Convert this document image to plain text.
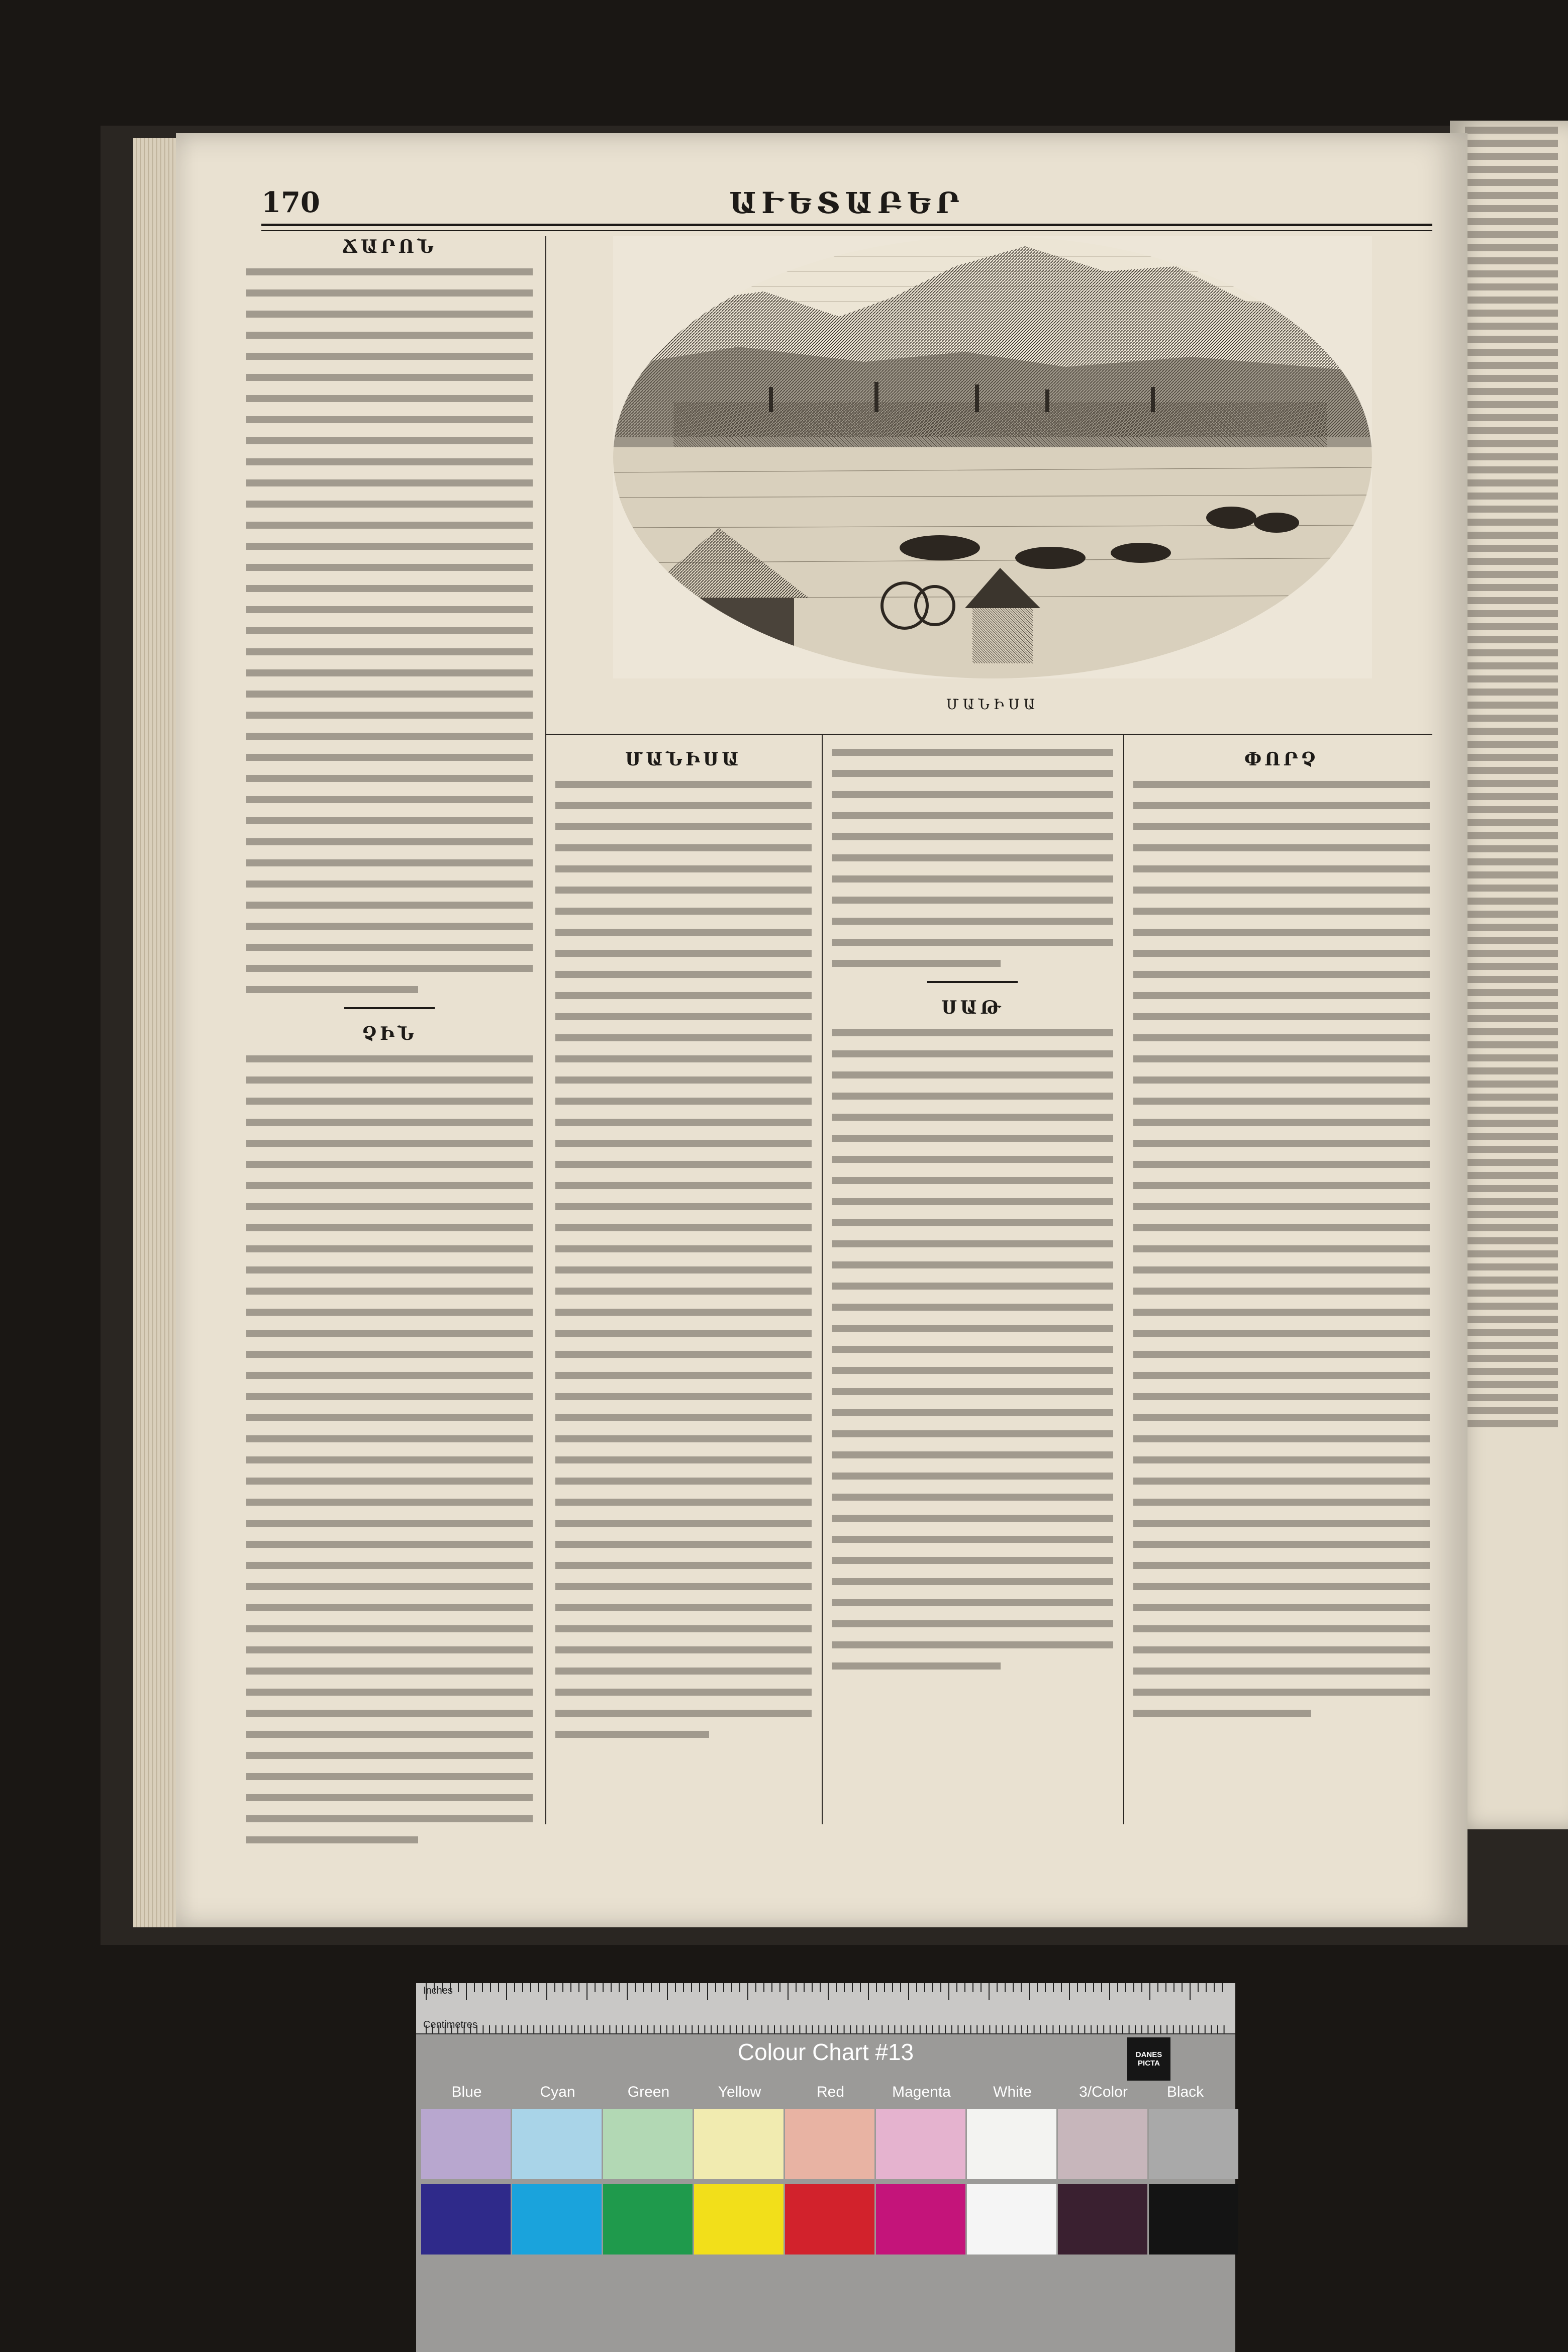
170	ԱՒԵՏԱԲԵՐ
ՃԱՐՈՆ
ՉԻՆ
ՄԱՆԻՍԱ
ՄԱՆԻՍԱ
ՍԱԹ
ՓՈՐՉ
Inches
Centimetres
Colour Chart #13	DANES PICTA
Blue	Cyan	Green	Yellow	Red	Magenta	White	3/Color	Black
